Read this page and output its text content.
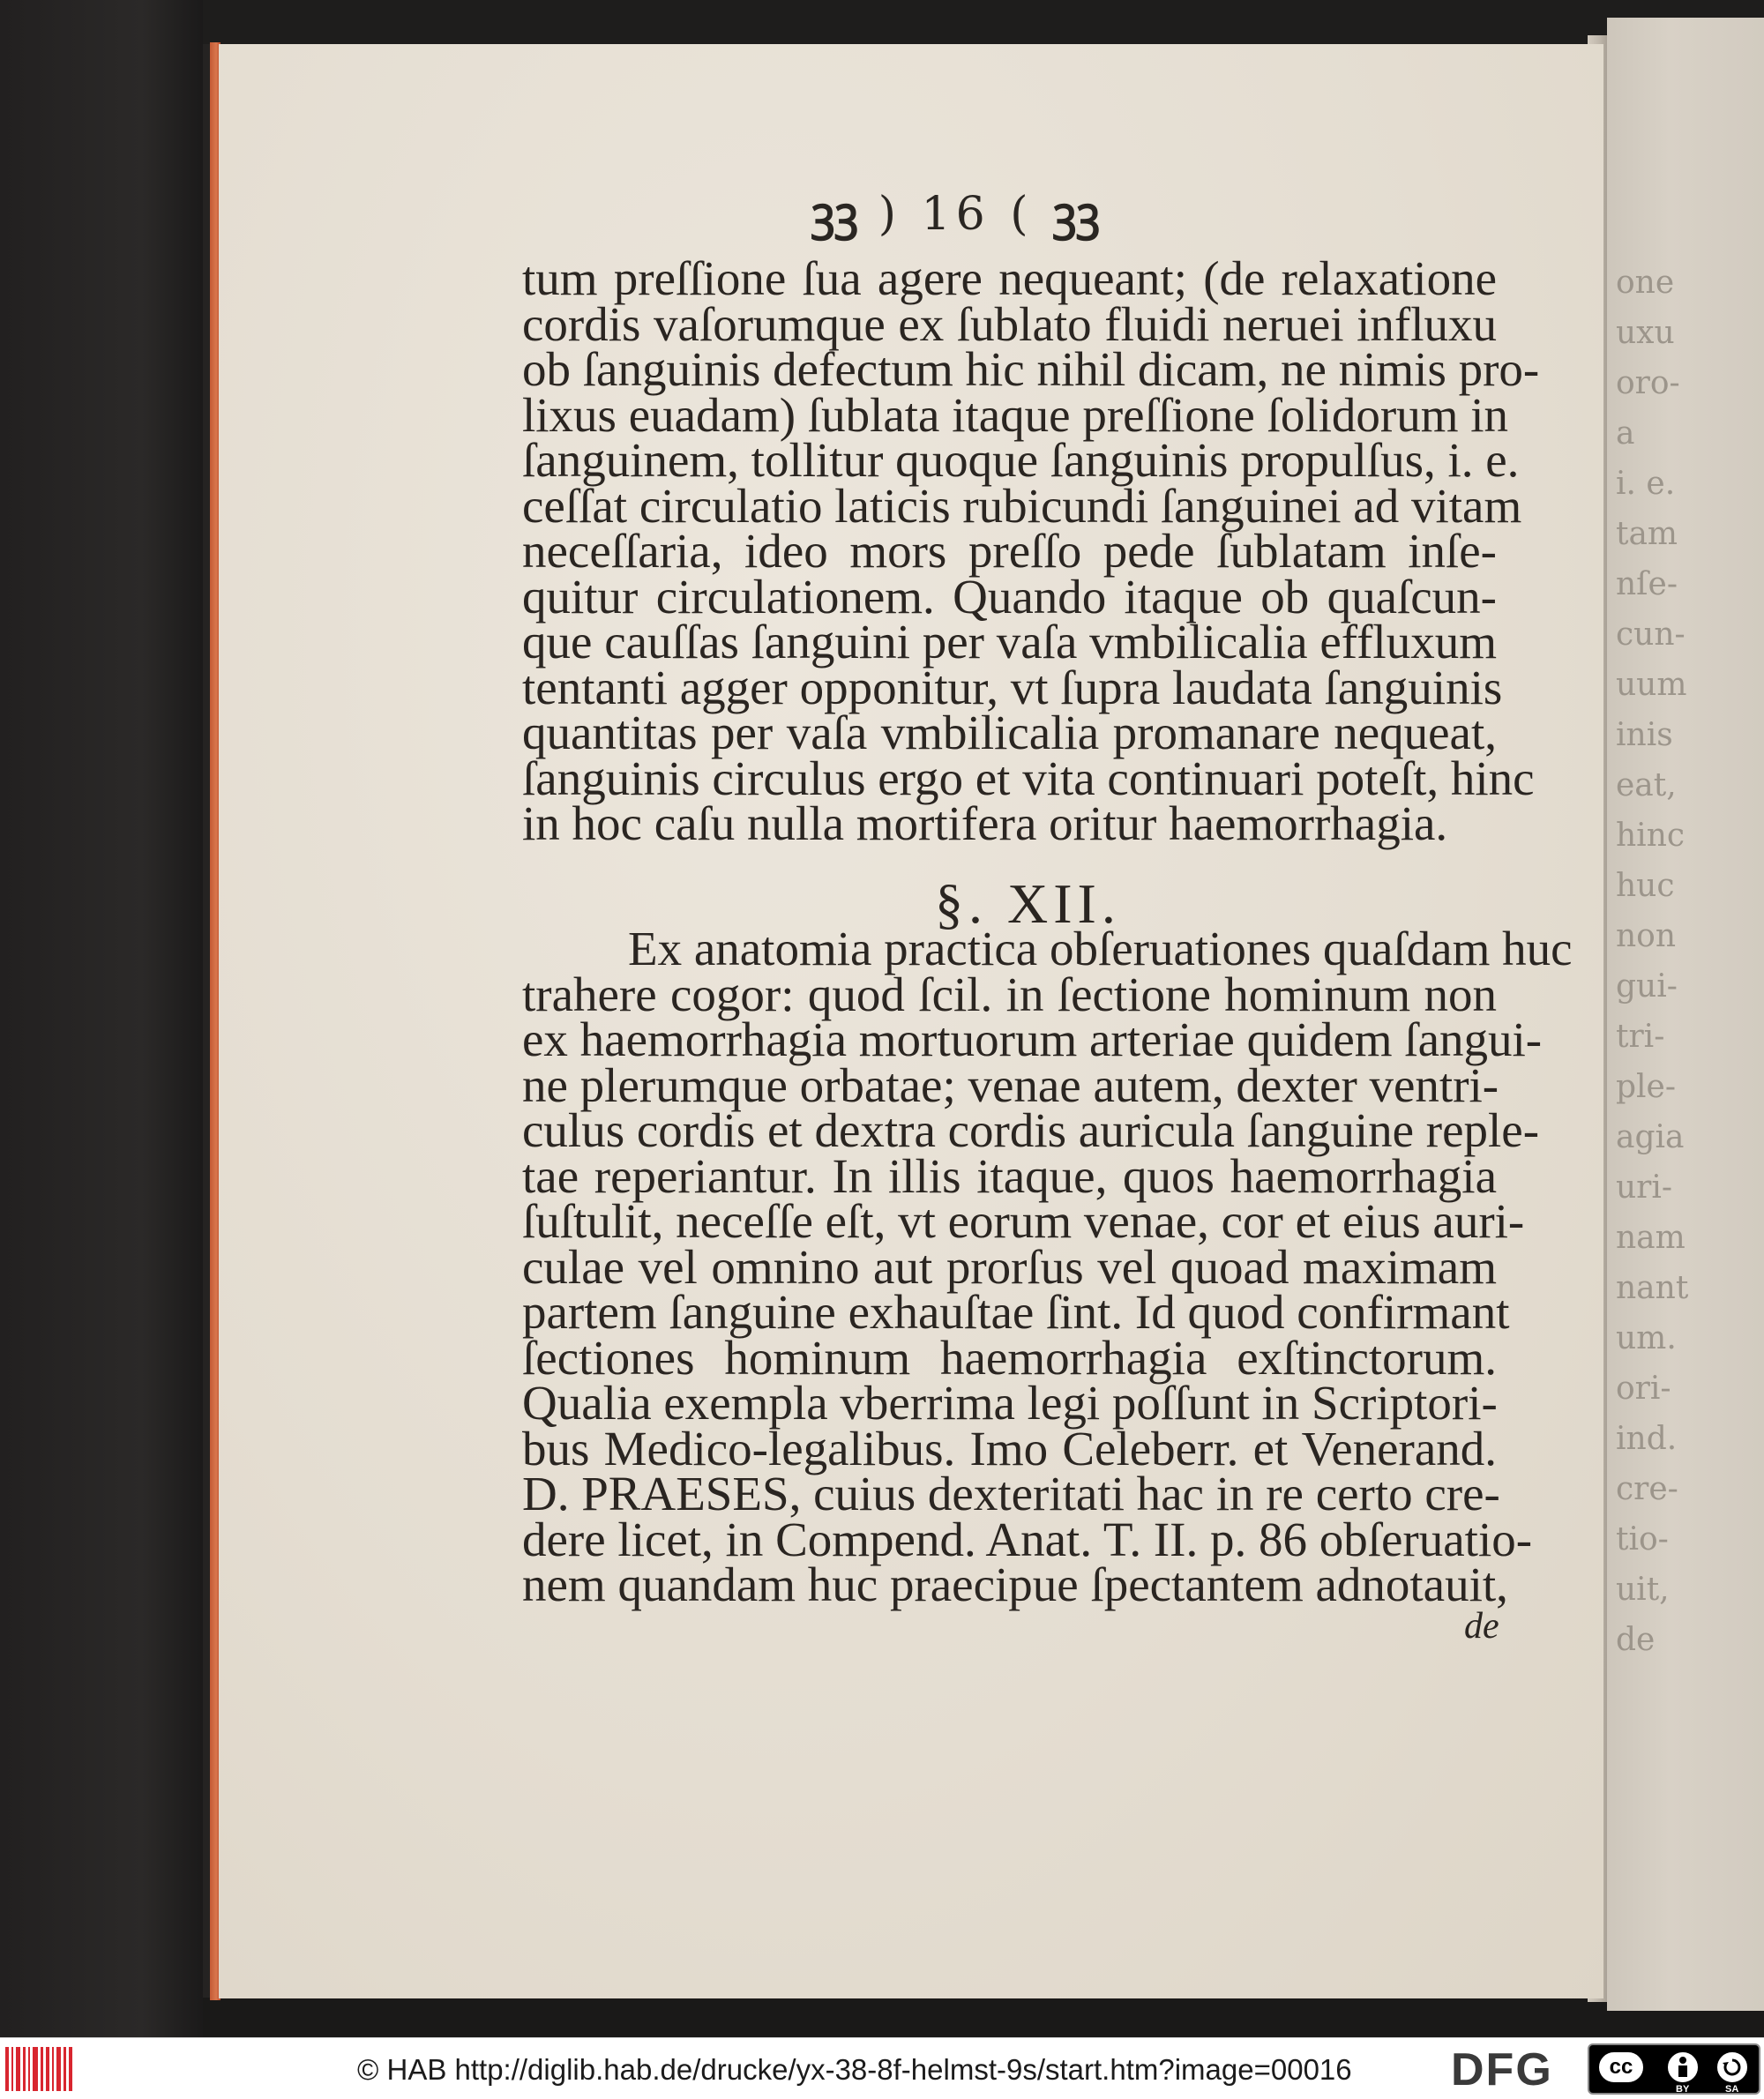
one
uxu
oro-
a
i. e.
tam
nſe-
cun-
uum
inis
eat,
hinc
huc
non
gui-
tri-
ple-
agia
uri-
nam
nant
um.
ori-
ind.
cre-
tio-
uit,
de
ꝫꝫ ) 16 ( ꝫꝫ
tum preſſione ſua agere nequeant; (de relaxatione
cordis vaſorumque ex ſublato fluidi neruei influxu
ob ſanguinis defectum hic nihil dicam, ne nimis pro-
lixus euadam) ſublata itaque preſſione ſolidorum in
ſanguinem, tollitur quoque ſanguinis propulſus, i. e.
ceſſat circulatio laticis rubicundi ſanguinei ad vitam
neceſſaria, ideo mors preſſo pede ſublatam inſe-
quitur circulationem. Quando itaque ob quaſcun-
que cauſſas ſanguini per vaſa vmbilicalia effluxum
tentanti agger opponitur, vt ſupra laudata ſanguinis
quantitas per vaſa vmbilicalia promanare nequeat,
ſanguinis circulus ergo et vita continuari poteſt, hinc
in hoc caſu nulla mortifera oritur haemorrhagia.
§. XII.
Ex anatomia practica obſeruationes quaſdam huc
trahere cogor: quod ſcil. in ſectione hominum non
ex haemorrhagia mortuorum arteriae quidem ſangui-
ne plerumque orbatae; venae autem, dexter ventri-
culus cordis et dextra cordis auricula ſanguine reple-
tae reperiantur. In illis itaque, quos haemorrhagia
ſuſtulit, neceſſe eſt, vt eorum venae, cor et eius auri-
culae vel omnino aut prorſus vel quoad maximam
partem ſanguine exhauſtae ſint. Id quod confirmant
ſectiones hominum haemorrhagia exſtinctorum.
Qualia exempla vberrima legi poſſunt in Scriptori-
bus Medico-legalibus. Imo Celeberr. et Venerand.
D. PRAESES, cuius dexteritati hac in re certo cre-
dere licet, in Compend. Anat. T. II. p. 86 obſeruatio-
nem quandam huc praecipue ſpectantem adnotauit,
de
© HAB http://diglib.hab.de/drucke/yx-38-8f-helmst-9s/start.htm?image=00016 DFG	cc
BY	SA
